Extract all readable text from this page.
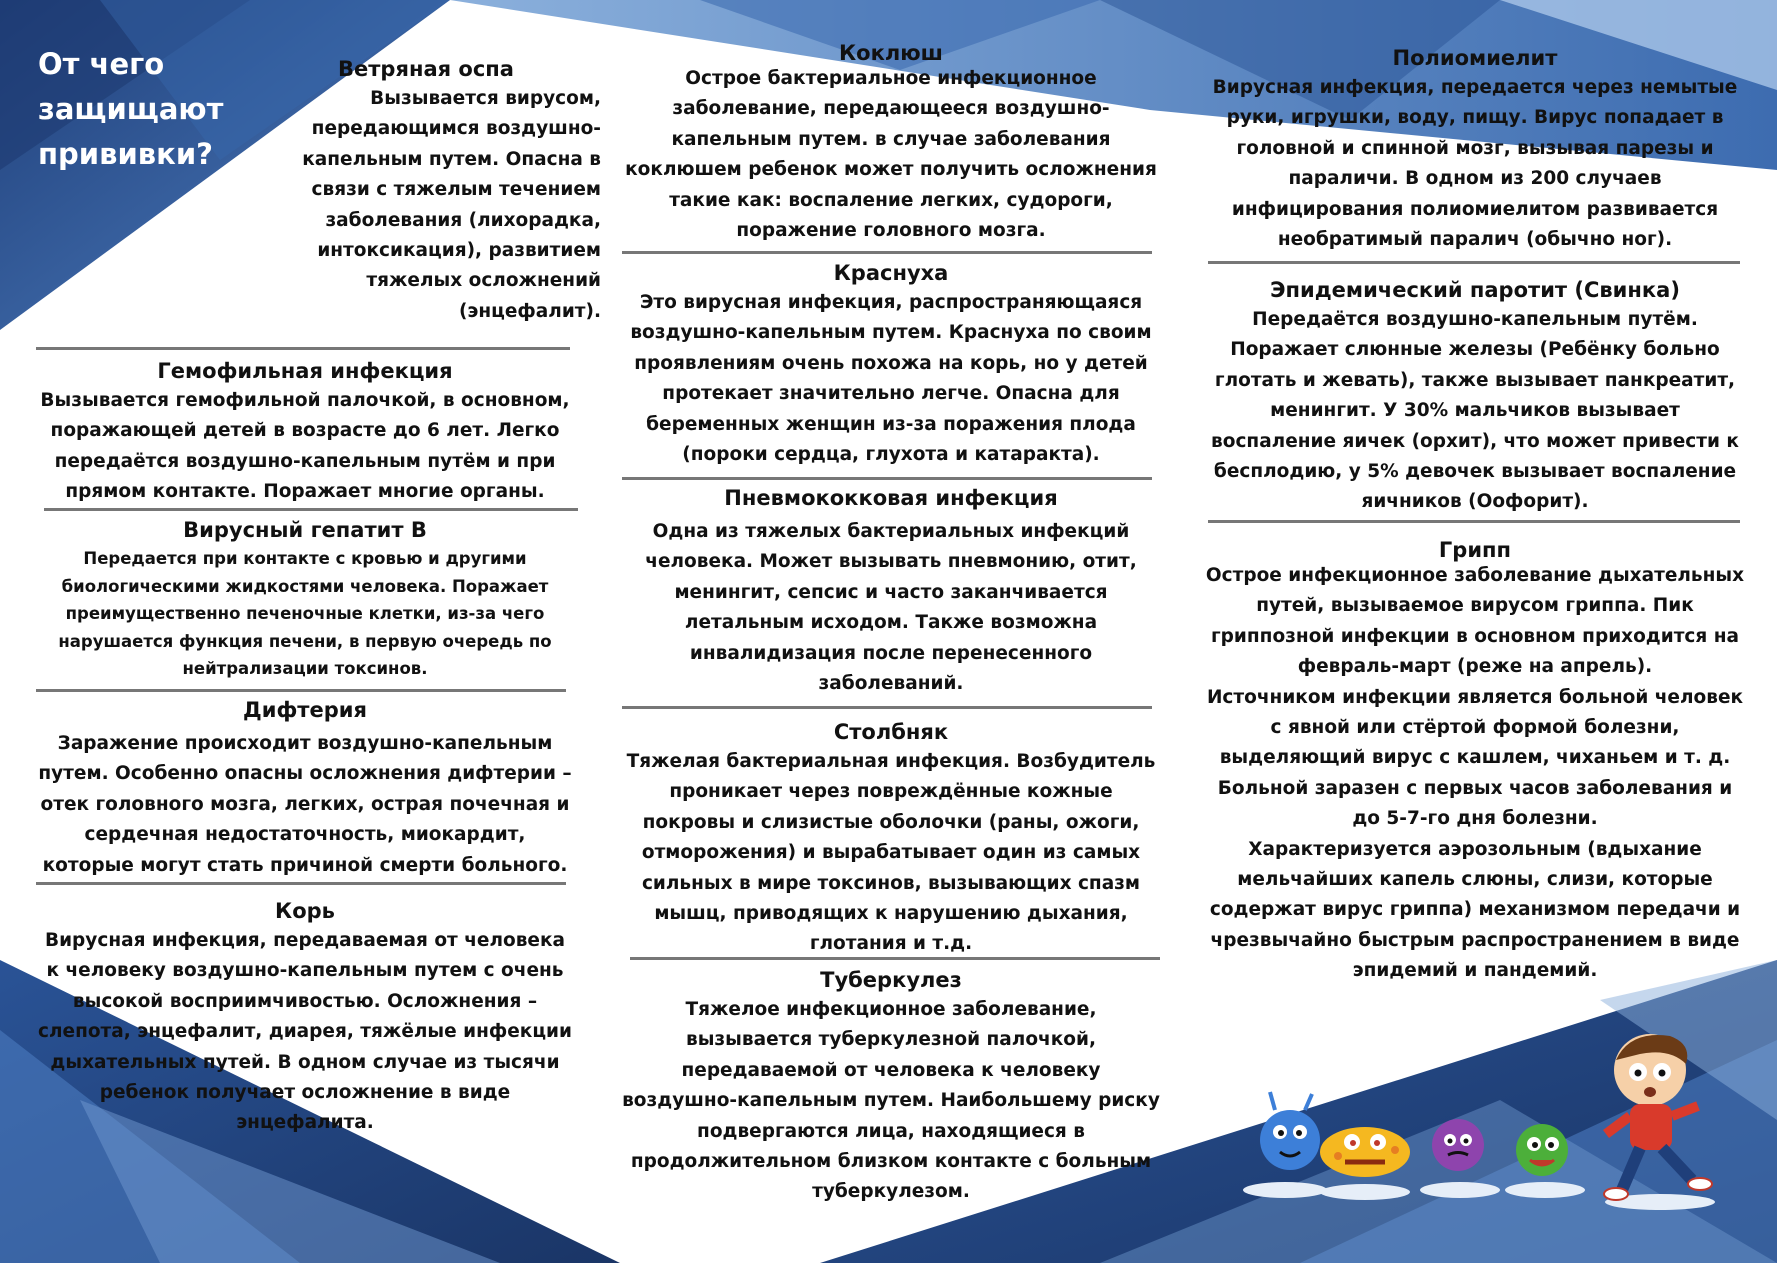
От чего защищают прививки?
Ветряная оспа

Вызывается вирусом, передающимся воздушно-капельным путем. Опасна в связи с тяжелым течением заболевания (лихорадка, интоксикация), развитием тяжелых осложнений (энцефалит).

Гемофильная инфекция

Вызывается гемофильной палочкой, в основном, поражающей детей в возрасте до 6 лет. Легко передаётся воздушно-капельным путём и при прямом контакте. Поражает многие органы.

Вирусный гепатит В

Передается при контакте с кровью и другими биологическими жидкостями человека. Поражает преимущественно печеночные клетки, из-за чего нарушается функция печени, в первую очередь по нейтрализации токсинов.

Дифтерия

Заражение происходит воздушно-капельным путем. Особенно опасны осложнения дифтерии – отек головного мозга, легких, острая почечная и сердечная недостаточность, миокардит, которые могут стать причиной смерти больного.

Корь

Вирусная инфекция, передаваемая от человека к человеку воздушно-капельным путем с очень высокой восприимчивостью. Осложнения – слепота, энцефалит, диарея, тяжёлые инфекции дыхательных путей. В одном случае из тысячи ребенок получает осложнение в виде энцефалита.

Коклюш

Острое бактериальное инфекционное заболевание, передающееся воздушно-капельным путем. в случае заболевания коклюшем ребенок может получить осложнения такие как: воспаление легких, судороги, поражение головного мозга.

Краснуха

Это вирусная инфекция, распространяющаяся воздушно-капельным путем. Краснуха по своим проявлениям очень похожа на корь, но у детей протекает значительно легче. Опасна для беременных женщин из-за поражения плода (пороки сердца, глухота и катаракта).

Пневмококковая инфекция

Одна из тяжелых бактериальных инфекций человека. Может вызывать пневмонию, отит, менингит, сепсис и часто заканчивается летальным исходом. Также возможна инвалидизация после перенесенного заболеваний.

Столбняк

Тяжелая бактериальная инфекция. Возбудитель проникает через повреждённые кожные покровы и слизистые оболочки (раны, ожоги, отморожения) и вырабатывает один из самых сильных в мире токсинов, вызывающих спазм мышц, приводящих к нарушению дыхания, глотания и т.д.

Туберкулез

Тяжелое инфекционное заболевание, вызывается туберкулезной палочкой, передаваемой от человека к человеку воздушно-капельным путем. Наибольшему риску подвергаются лица, находящиеся в продолжительном близком контакте с больным туберкулезом.

Полиомиелит

Вирусная инфекция, передается через немытые руки, игрушки, воду, пищу. Вирус попадает в головной и спинной мозг, вызывая парезы и параличи. В одном из 200 случаев инфицирования полиомиелитом развивается необратимый паралич (обычно ног).

Эпидемический паротит (Свинка)

Передаётся воздушно-капельным путём. Поражает слюнные железы (Ребёнку больно глотать и жевать), также вызывает панкреатит, менингит. У 30% мальчиков вызывает воспаление яичек (орхит), что может привести к бесплодию, у 5% девочек вызывает воспаление яичников (Оофорит).

Грипп

Острое инфекционное заболевание дыхательных путей, вызываемое вирусом гриппа. Пик гриппозной инфекции в основном приходится на февраль-март (реже на апрель).

Источником инфекции является больной человек с явной или стёртой формой болезни, выделяющий вирус с кашлем, чиханьем и т. д. Больной заразен с первых часов заболевания и до 5-7-го дня болезни.

Характеризуется аэрозольным (вдыхание мельчайших капель слюны, слизи, которые содержат вирус гриппа) механизмом передачи и чрезвычайно быстрым распространением в виде эпидемий и пандемий.
